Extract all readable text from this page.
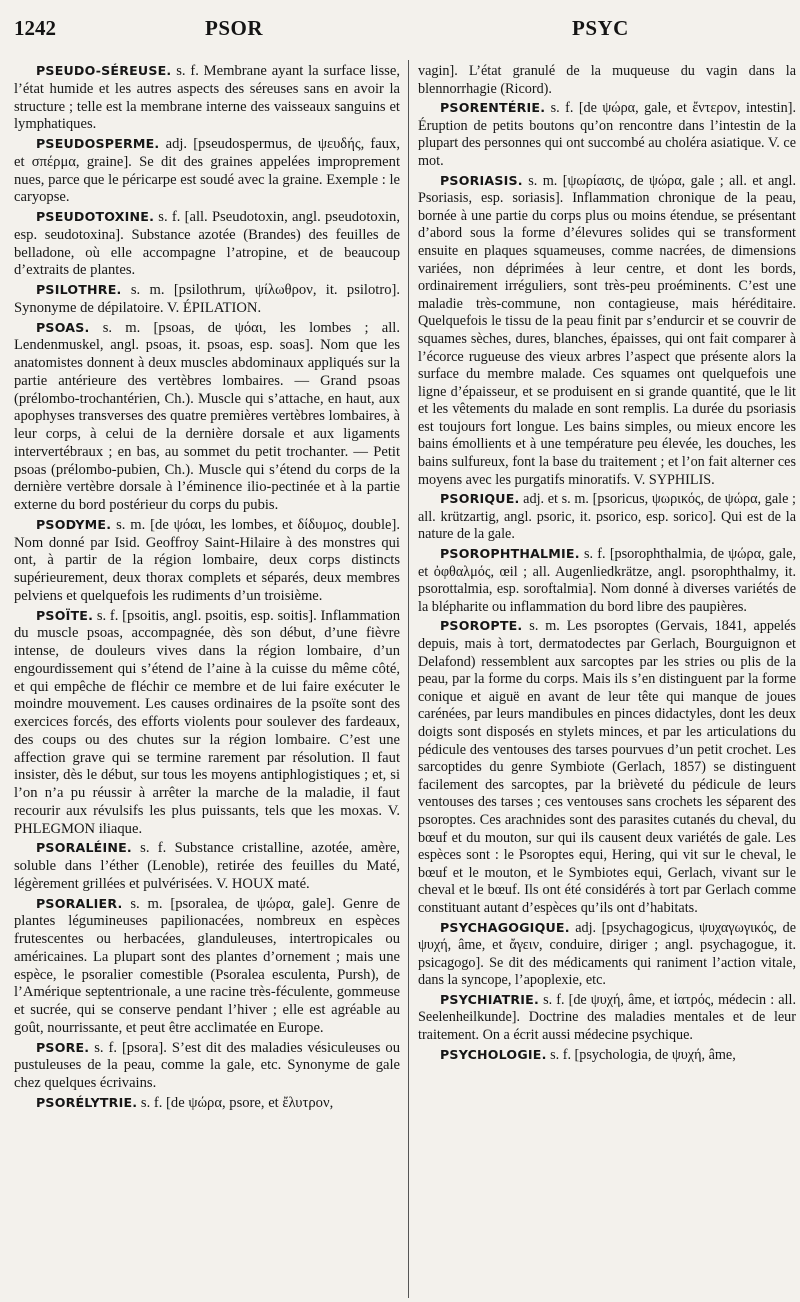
1242	PSOR	PSYC

PSEUDO-SÉREUSE. s. f. Membrane ayant la surface lisse, l’état humide et les autres aspects des séreuses sans en avoir la structure ; telle est la membrane interne des vaisseaux sanguins et lymphatiques.

PSEUDOSPERME. adj. [pseudospermus, de ψευδής, faux, et σπέρμα, graine]. Se dit des graines appelées improprement nues, parce que le péricarpe est soudé avec la graine. Exemple : le caryopse.

PSEUDOTOXINE. s. f. [all. Pseudotoxin, angl. pseudotoxin, esp. seudotoxina]. Substance azotée (Brandes) des feuilles de belladone, où elle accompagne l’atropine, et de beaucoup d’extraits de plantes.

PSILOTHRE. s. m. [psilothrum, ψίλωθρον, it. psilotro]. Synonyme de dépilatoire. V. ÉPILATION.

PSOAS. s. m. [psoas, de ψόαι, les lombes ; all. Lendenmuskel, angl. psoas, it. psoas, esp. soas]. Nom que les anatomistes donnent à deux muscles abdominaux appliqués sur la partie antérieure des vertèbres lombaires. — Grand psoas (prélombo-trochantérien, Ch.). Muscle qui s’attache, en haut, aux apophyses transverses des quatre premières vertèbres lombaires, à leur corps, à celui de la dernière dorsale et aux ligaments intervertébraux ; en bas, au sommet du petit trochanter. — Petit psoas (prélombo-pubien, Ch.). Muscle qui s’étend du corps de la dernière vertèbre dorsale à l’éminence ilio-pectinée et à la partie externe du bord postérieur du corps du pubis.

PSODYME. s. m. [de ψόαι, les lombes, et δίδυμος, double]. Nom donné par Isid. Geoffroy Saint-Hilaire à des monstres qui ont, à partir de la région lombaire, deux corps distincts supérieurement, deux thorax complets et séparés, deux membres pelviens et quelquefois les rudiments d’un troisième.

PSOÏTE. s. f. [psoitis, angl. psoitis, esp. soitis]. Inflammation du muscle psoas, accompagnée, dès son début, d’une fièvre intense, de douleurs vives dans la région lombaire, d’un engourdissement qui s’étend de l’aine à la cuisse du même côté, et qui empêche de fléchir ce membre et de lui faire exécuter le moindre mouvement. Les causes ordinaires de la psoïte sont des exercices forcés, des efforts violents pour soulever des fardeaux, des coups ou des chutes sur la région lombaire. C’est une affection grave qui se termine rarement par résolution. Il faut insister, dès le début, sur tous les moyens antiphlogistiques ; et, si l’on n’a pu réussir à arrêter la marche de la maladie, il faut recourir aux révulsifs les plus puissants, tels que les moxas. V. PHLEGMON iliaque.

PSORALÉINE. s. f. Substance cristalline, azotée, amère, soluble dans l’éther (Lenoble), retirée des feuilles du Maté, légèrement grillées et pulvérisées. V. HOUX maté.

PSORALIER. s. m. [psoralea, de ψώρα, gale]. Genre de plantes légumineuses papilionacées, nombreux en espèces frutescentes ou herbacées, glanduleuses, intertropicales ou américaines. La plupart sont des plantes d’ornement ; mais une espèce, le psoralier comestible (Psoralea esculenta, Pursh), de l’Amérique septentrionale, a une racine très-féculente, gommeuse et sucrée, qui se conserve pendant l’hiver ; elle est agréable au goût, nourrissante, et peut être acclimatée en Europe.

PSORE. s. f. [psora]. S’est dit des maladies vésiculeuses ou pustuleuses de la peau, comme la gale, etc. Synonyme de gale chez quelques écrivains.

PSORÉLYTRIE. s. f. [de ψώρα, psore, et ἔλυτρον,

vagin]. L’état granulé de la muqueuse du vagin dans la blennorrhagie (Ricord).

PSORENTÉRIE. s. f. [de ψώρα, gale, et ἔντερον, intestin]. Éruption de petits boutons qu’on rencontre dans l’intestin de la plupart des personnes qui ont succombé au choléra asiatique. V. ce mot.

PSORIASIS. s. m. [ψωρίασις, de ψώρα, gale ; all. et angl. Psoriasis, esp. soriasis]. Inflammation chronique de la peau, bornée à une partie du corps plus ou moins étendue, se présentant d’abord sous la forme d’élevures solides qui se transforment ensuite en plaques squameuses, comme nacrées, de dimensions variées, non déprimées à leur centre, et dont les bords, ordinairement irréguliers, sont très-peu proéminents. C’est une maladie très-commune, non contagieuse, mais héréditaire. Quelquefois le tissu de la peau finit par s’endurcir et se couvrir de squames sèches, dures, blanches, épaisses, qui ont fait comparer à l’écorce rugueuse des vieux arbres l’aspect que présente alors la surface du membre malade. Ces squames ont quelquefois une ligne d’épaisseur, et se produisent en si grande quantité, que le lit et les vêtements du malade en sont remplis. La durée du psoriasis est toujours fort longue. Les bains simples, ou mieux encore les bains émollients et à une température peu élevée, les douches, les bains sulfureux, font la base du traitement ; et l’on fait alterner ces moyens avec les purgatifs minoratifs. V. SYPHILIS.

PSORIQUE. adj. et s. m. [psoricus, ψωρικός, de ψώρα, gale ; all. krützartig, angl. psoric, it. psorico, esp. sorico]. Qui est de la nature de la gale.

PSOROPHTHALMIE. s. f. [psorophthalmia, de ψώρα, gale, et ὀφθαλμός, œil ; all. Augenliedkrätze, angl. psorophthalmy, it. psorottalmia, esp. soroftalmia]. Nom donné à diverses variétés de la blépharite ou inflammation du bord libre des paupières.

PSOROPTE. s. m. Les psoroptes (Gervais, 1841, appelés depuis, mais à tort, dermatodectes par Gerlach, Bourguignon et Delafond) ressemblent aux sarcoptes par les stries ou plis de la peau, par la forme du corps. Mais ils s’en distinguent par la forme conique et aiguë en avant de leur tête qui manque de joues carénées, par leurs mandibules en pinces didactyles, dont les deux doigts sont disposés en stylets minces, et par les articulations du pédicule des ventouses des tarses pourvues d’un petit crochet. Les sarcoptides du genre Symbiote (Gerlach, 1857) se distinguent facilement des sarcoptes, par la brièveté du pédicule de leurs ventouses des tarses ; ces ventouses sans crochets les séparent des psoroptes. Ces arachnides sont des parasites cutanés du cheval, du bœuf et du mouton, sur qui ils causent deux variétés de gale. Les espèces sont : le Psoroptes equi, Hering, qui vit sur le cheval, le bœuf et le mouton, et le Symbiotes equi, Gerlach, vivant sur le cheval et le bœuf. Ils ont été considérés à tort par Gerlach comme constituant autant d’espèces qu’ils ont d’habitats.

PSYCHAGOGIQUE. adj. [psychagogicus, ψυχαγωγικός, de ψυχή, âme, et ἄγειν, conduire, diriger ; angl. psychagogue, it. psicagogo]. Se dit des médicaments qui raniment l’action vitale, dans la syncope, l’apoplexie, etc.

PSYCHIATRIE. s. f. [de ψυχή, âme, et ἰατρός, médecin : all. Seelenheilkunde]. Doctrine des maladies mentales et de leur traitement. On a écrit aussi médecine psychique.

PSYCHOLOGIE. s. f. [psychologia, de ψυχή, âme,
